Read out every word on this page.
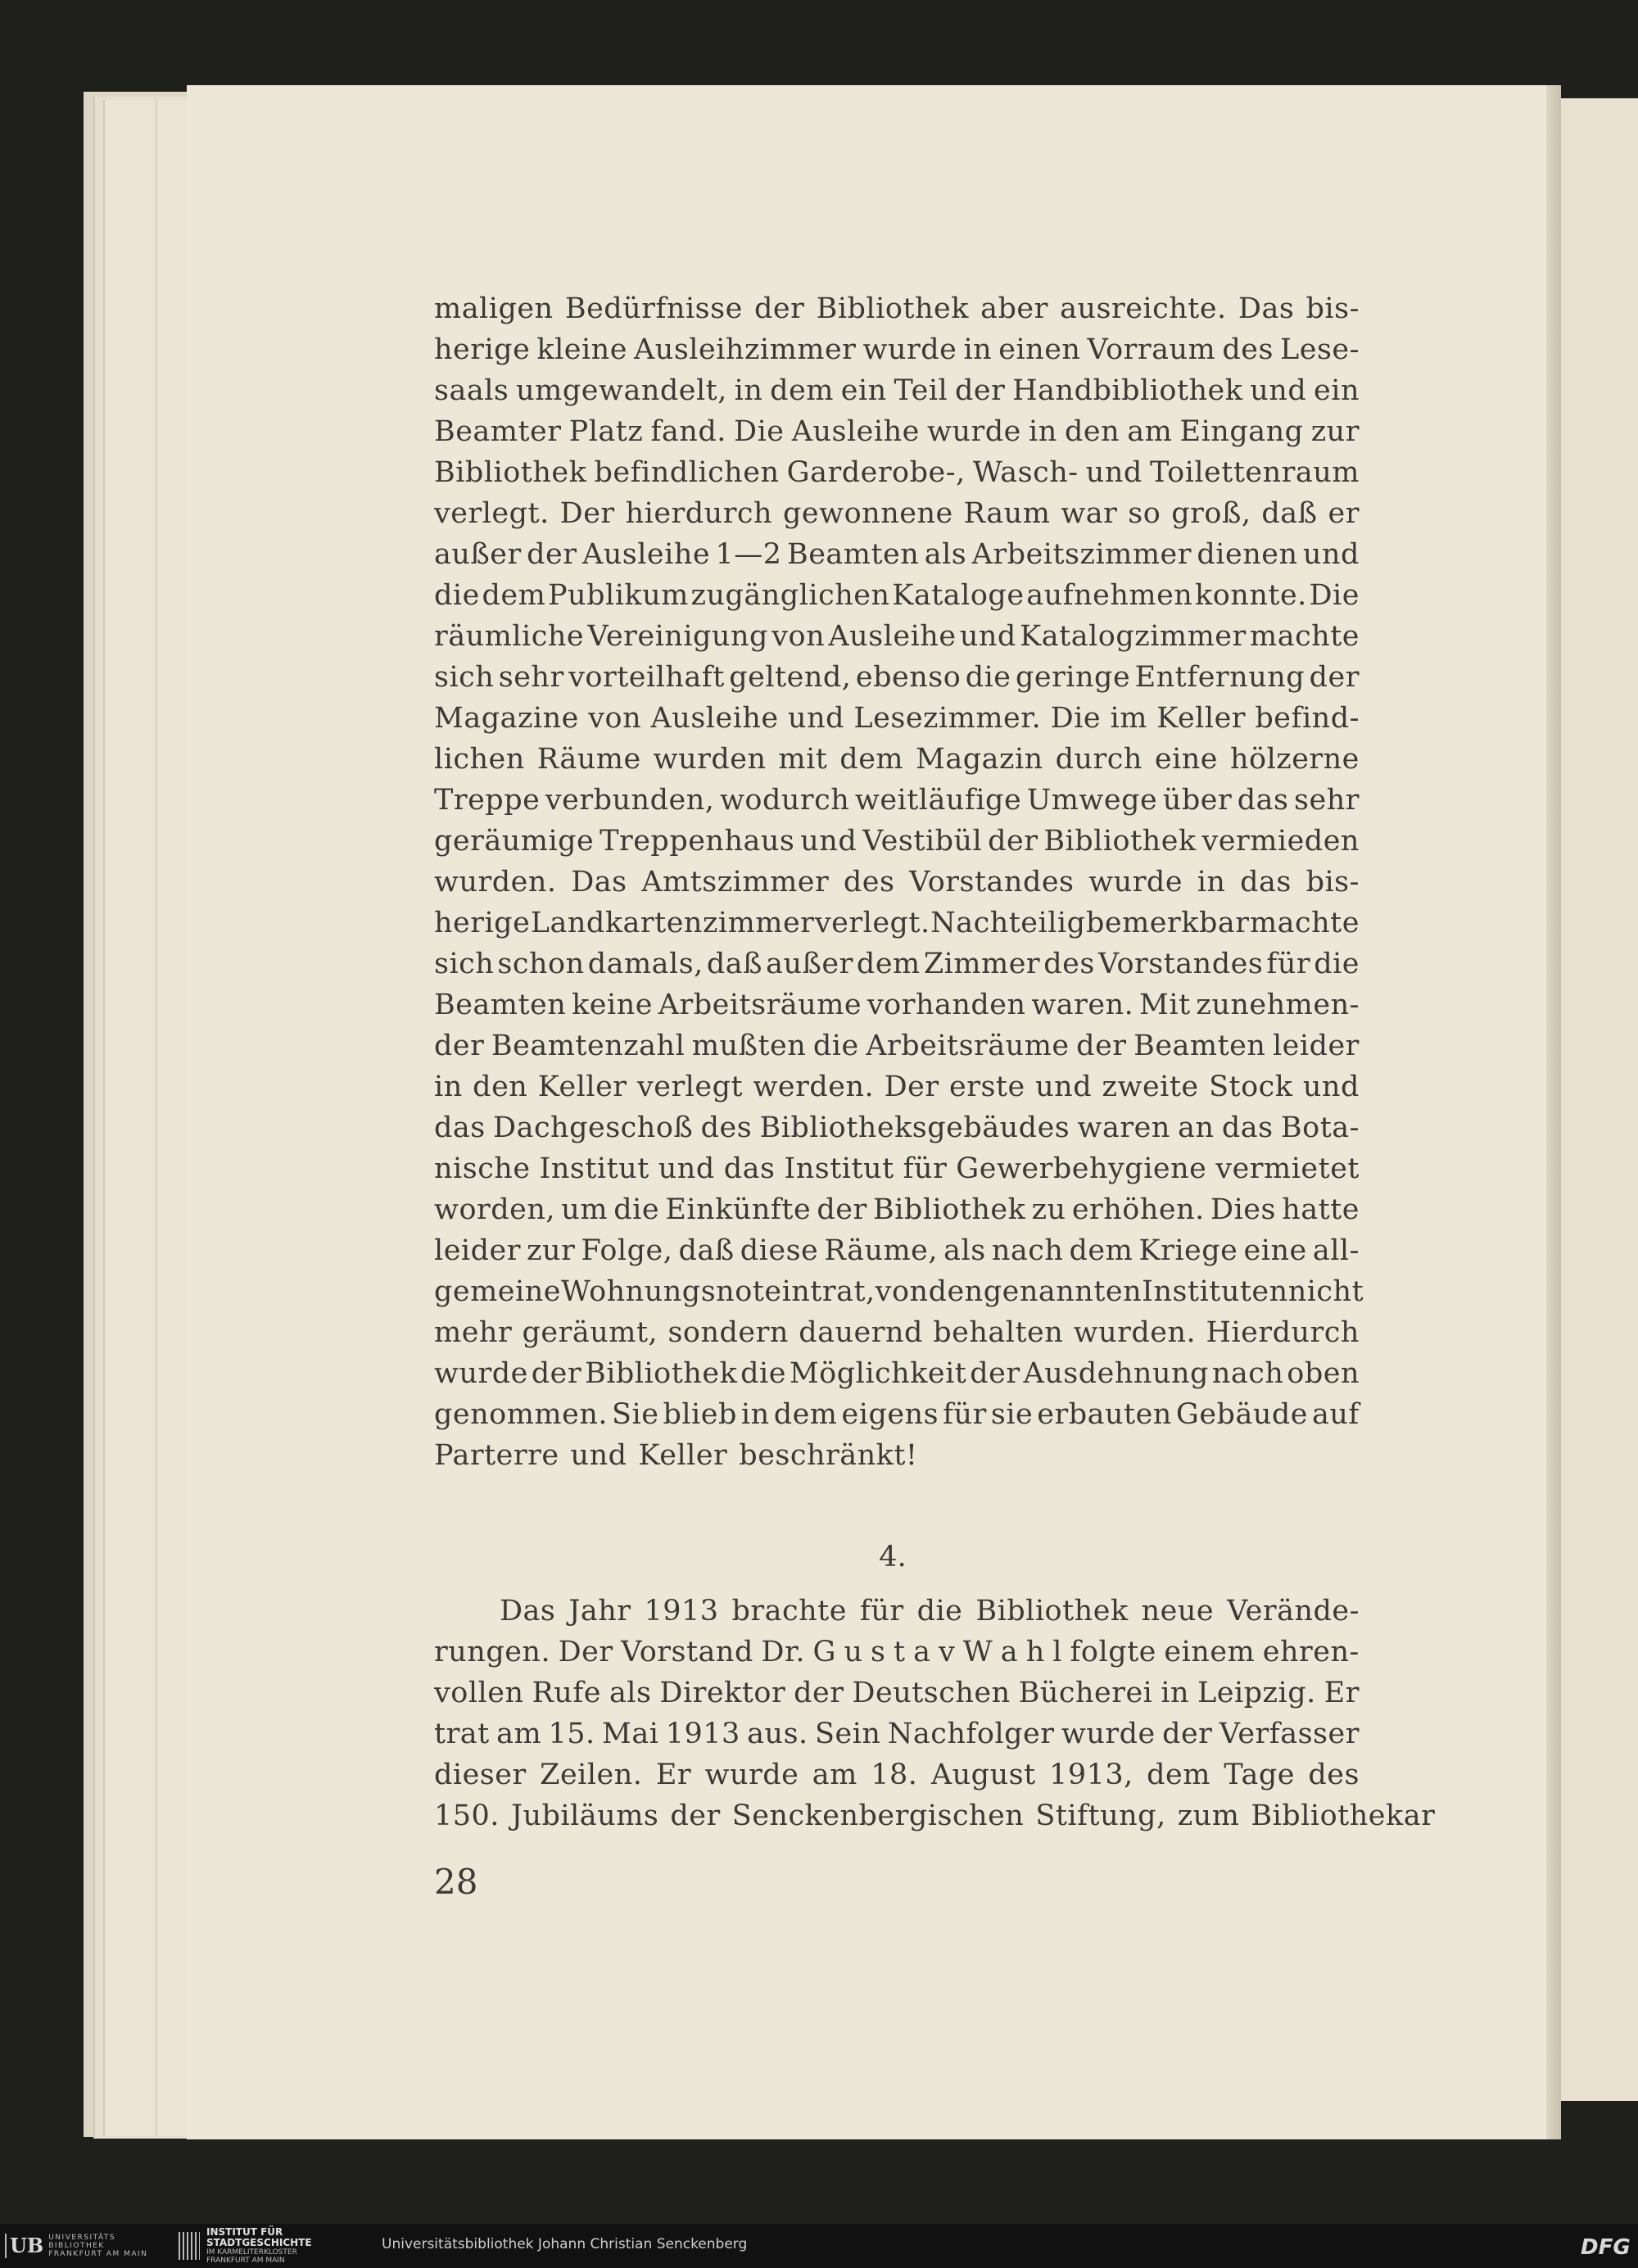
maligen Bedürfnisse der Bibliothek aber ausreichte. Das bis-
herige kleine Ausleihzimmer wurde in einen Vorraum des Lese-
saals umgewandelt, in dem ein Teil der Handbibliothek und ein
Beamter Platz fand. Die Ausleihe wurde in den am Eingang zur
Bibliothek befindlichen Garderobe-, Wasch- und Toilettenraum
verlegt. Der hierdurch gewonnene Raum war so groß, daß er
außer der Ausleihe 1—2 Beamten als Arbeitszimmer dienen und
die dem Publikum zugänglichen Kataloge aufnehmen konnte. Die
räumliche Vereinigung von Ausleihe und Katalogzimmer machte
sich sehr vorteilhaft geltend, ebenso die geringe Entfernung der
Magazine von Ausleihe und Lesezimmer. Die im Keller befind-
lichen Räume wurden mit dem Magazin durch eine hölzerne
Treppe verbunden, wodurch weitläufige Umwege über das sehr
geräumige Treppenhaus und Vestibül der Bibliothek vermieden
wurden. Das Amtszimmer des Vorstandes wurde in das bis-
herige Landkartenzimmer verlegt. Nachteilig bemerkbar machte
sich schon damals, daß außer dem Zimmer des Vorstandes für die
Beamten keine Arbeitsräume vorhanden waren. Mit zunehmen-
der Beamtenzahl mußten die Arbeitsräume der Beamten leider
in den Keller verlegt werden. Der erste und zweite Stock und
das Dachgeschoß des Bibliotheksgebäudes waren an das Bota-
nische Institut und das Institut für Gewerbehygiene vermietet
worden, um die Einkünfte der Bibliothek zu erhöhen. Dies hatte
leider zur Folge, daß diese Räume, als nach dem Kriege eine all-
gemeine Wohnungsnot eintrat, von den genannten Instituten nicht
mehr geräumt, sondern dauernd behalten wurden. Hierdurch
wurde der Bibliothek die Möglichkeit der Ausdehnung nach oben
genommen. Sie blieb in dem eigens für sie erbauten Gebäude auf
Parterre und Keller beschränkt!
4.
Das Jahr 1913 brachte für die Bibliothek neue Verände-
rungen. Der Vorstand Dr. G u s t a v W a h l folgte einem ehren-
vollen Rufe als Direktor der Deutschen Bücherei in Leipzig. Er
trat am 15. Mai 1913 aus. Sein Nachfolger wurde der Verfasser
dieser Zeilen. Er wurde am 18. August 1913, dem Tage des
150. Jubiläums der Senckenbergischen Stiftung, zum Bibliothekar
28
UB UNIVERSITÄTS
BIBLIOTHEK
FRANKFURT AM MAIN
INSTITUT FÜR
STADTGESCHICHTE
IM KARMELITERKLOSTER
FRANKFURT AM MAIN
Universitätsbibliothek Johann Christian Senckenberg	DFG
